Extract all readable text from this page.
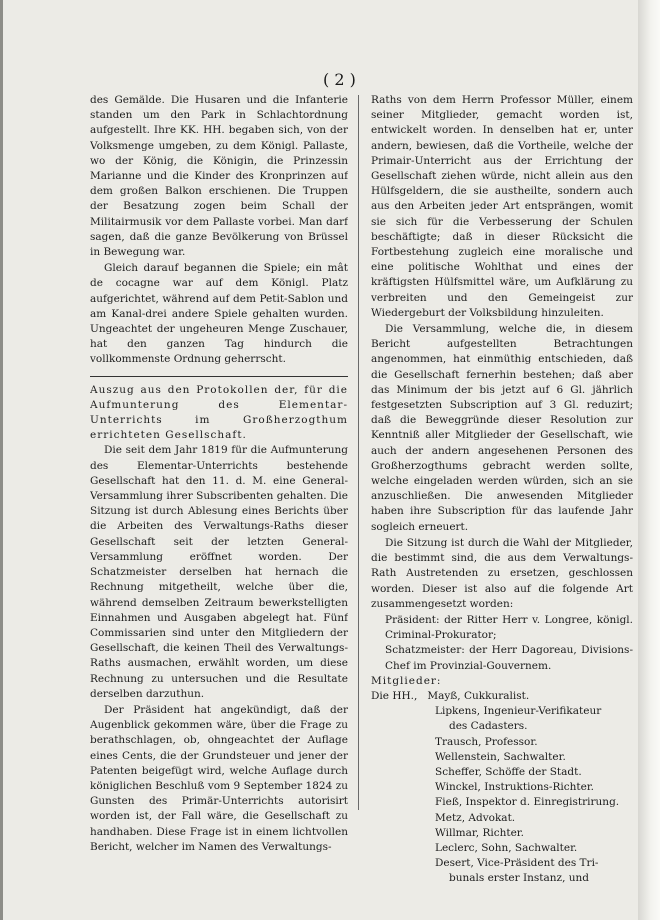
( 2 )

des Gemälde. Die Husaren und die Infanterie standen um den Park in Schlachtordnung aufgestellt. Ihre KK. HH. begaben sich, von der Volksmenge umgeben, zu dem Königl. Pallaste, wo der König, die Königin, die Prinzessin Marianne und die Kinder des Kronprinzen auf dem großen Balkon erschienen. Die Truppen der Besatzung zogen beim Schall der Militairmusik vor dem Pallaste vorbei. Man darf sagen, daß die ganze Bevölkerung von Brüssel in Bewegung war.

Gleich darauf begannen die Spiele; ein mât de cocagne war auf dem Königl. Platz aufgerichtet, während auf dem Petit-Sablon und am Kanal-drei andere Spiele gehalten wurden. Ungeachtet der ungeheuren Menge Zuschauer, hat den ganzen Tag hindurch die vollkommenste Ordnung geherrscht.

Auszug aus den Protokollen der, für die Aufmunterung des Elementar-Unterrichts im Großherzogthum errichteten Gesellschaft.

Die seit dem Jahr 1819 für die Aufmunterung des Elementar-Unterrichts bestehende Gesellschaft hat den 11. d. M. eine General-Versammlung ihrer Subscribenten gehalten. Die Sitzung ist durch Ablesung eines Berichts über die Arbeiten des Verwaltungs-Raths dieser Gesellschaft seit der letzten General-Versammlung eröffnet worden. Der Schatzmeister derselben hat hernach die Rechnung mitgetheilt, welche über die, während demselben Zeitraum bewerkstelligten Einnahmen und Ausgaben abgelegt hat. Fünf Commissarien sind unter den Mitgliedern der Gesellschaft, die keinen Theil des Verwaltungs-Raths ausmachen, erwählt worden, um diese Rechnung zu untersuchen und die Resultate derselben darzuthun.

Der Präsident hat angekündigt, daß der Augenblick gekommen wäre, über die Frage zu berathschlagen, ob, ohngeachtet der Auflage eines Cents, die der Grundsteuer und jener der Patenten beigefügt wird, welche Auflage durch königlichen Beschluß vom 9 September 1824 zu Gunsten des Primär-Unterrichts autorisirt worden ist, der Fall wäre, die Gesellschaft zu handhaben. Diese Frage ist in einem lichtvollen Bericht, welcher im Namen des Verwaltungs-

Raths von dem Herrn Professor Müller, einem seiner Mitglieder, gemacht worden ist, entwickelt worden. In denselben hat er, unter andern, bewiesen, daß die Vortheile, welche der Primair-Unterricht aus der Errichtung der Gesellschaft ziehen würde, nicht allein aus den Hülfsgeldern, die sie austheilte, sondern auch aus den Arbeiten jeder Art entsprängen, womit sie sich für die Verbesserung der Schulen beschäftigte; daß in dieser Rücksicht die Fortbestehung zugleich eine moralische und eine politische Wohlthat und eines der kräftigsten Hülfsmittel wäre, um Aufklärung zu verbreiten und den Gemeingeist zur Wiedergeburt der Volksbildung hinzuleiten.

Die Versammlung, welche die, in diesem Bericht aufgestellten Betrachtungen angenommen, hat einmüthig entschieden, daß die Gesellschaft fernerhin bestehen; daß aber das Minimum der bis jetzt auf 6 Gl. jährlich festgesetzten Subscription auf 3 Gl. reduzirt; daß die Beweggründe dieser Resolution zur Kenntniß aller Mitglieder der Gesellschaft, wie auch der andern angesehenen Personen des Großherzogthums gebracht werden sollte, welche eingeladen werden würden, sich an sie anzuschließen. Die anwesenden Mitglieder haben ihre Subscription für das laufende Jahr sogleich erneuert.

Die Sitzung ist durch die Wahl der Mitglieder, die bestimmt sind, die aus dem Verwaltungs-Rath Austretenden zu ersetzen, geschlossen worden. Dieser ist also auf die folgende Art zusammengesetzt worden:

Präsident: der Ritter Herr v. Longree, königl. Criminal-Prokurator;

Schatzmeister: der Herr Dagoreau, Divisions-Chef im Provinzial-Gouvernem.

Mitglieder:

Die HH., Mayß, Cukkuralist.
Lipkens, Ingenieur-Verifikateur
des Cadasters.
Trausch, Professor.
Wellenstein, Sachwalter.
Scheffer, Schöffe der Stadt.
Winckel, Instruktions-Richter.
Fieß, Inspektor d. Einregistrirung.
Metz, Advokat.
Willmar, Richter.
Leclerc, Sohn, Sachwalter.
Desert, Vice-Präsident des Tri-
bunals erster Instanz, und
